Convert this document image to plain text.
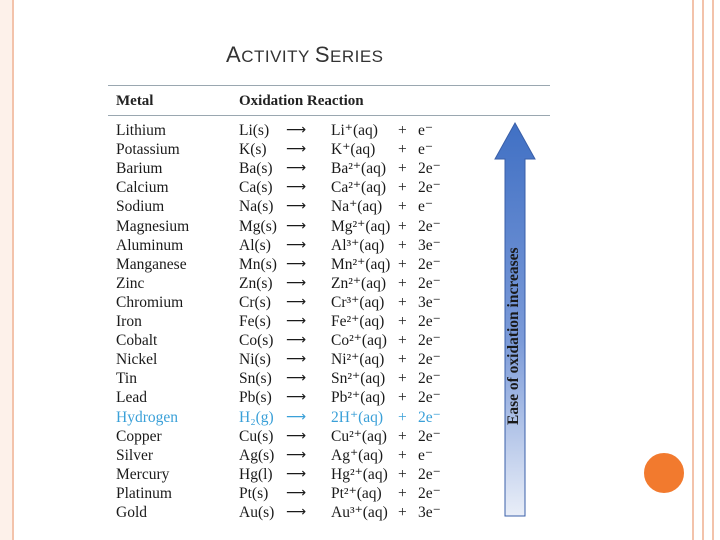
ACTIVITY SERIES
Metal	Oxidation Reaction
Lithium	Li(s) ⟶ Li⁺(aq) + e⁻
Potassium	K(s) ⟶ K⁺(aq) + e⁻
Barium	Ba(s) ⟶ Ba²⁺(aq) + 2e⁻
Calcium	Ca(s) ⟶ Ca²⁺(aq) + 2e⁻
Sodium	Na(s) ⟶ Na⁺(aq) + e⁻
Magnesium	Mg(s) ⟶ Mg²⁺(aq) + 2e⁻
Aluminum	Al(s) ⟶ Al³⁺(aq) + 3e⁻
Manganese	Mn(s) ⟶ Mn²⁺(aq) + 2e⁻
Zinc	Zn(s) ⟶ Zn²⁺(aq) + 2e⁻
Chromium	Cr(s) ⟶ Cr³⁺(aq) + 3e⁻
Iron	Fe(s) ⟶ Fe²⁺(aq) + 2e⁻
Cobalt	Co(s) ⟶ Co²⁺(aq) + 2e⁻
Nickel	Ni(s) ⟶ Ni²⁺(aq) + 2e⁻
Tin	Sn(s) ⟶ Sn²⁺(aq) + 2e⁻
Lead	Pb(s) ⟶ Pb²⁺(aq) + 2e⁻
Hydrogen	H₂(g) ⟶ 2H⁺(aq) + 2e⁻
Copper	Cu(s) ⟶ Cu²⁺(aq) + 2e⁻
Silver	Ag(s) ⟶ Ag⁺(aq) + e⁻
Mercury	Hg(l) ⟶ Hg²⁺(aq) + 2e⁻
Platinum	Pt(s) ⟶ Pt²⁺(aq) + 2e⁻
Gold	Au(s) ⟶ Au³⁺(aq) + 3e⁻
Ease of oxidation increases
